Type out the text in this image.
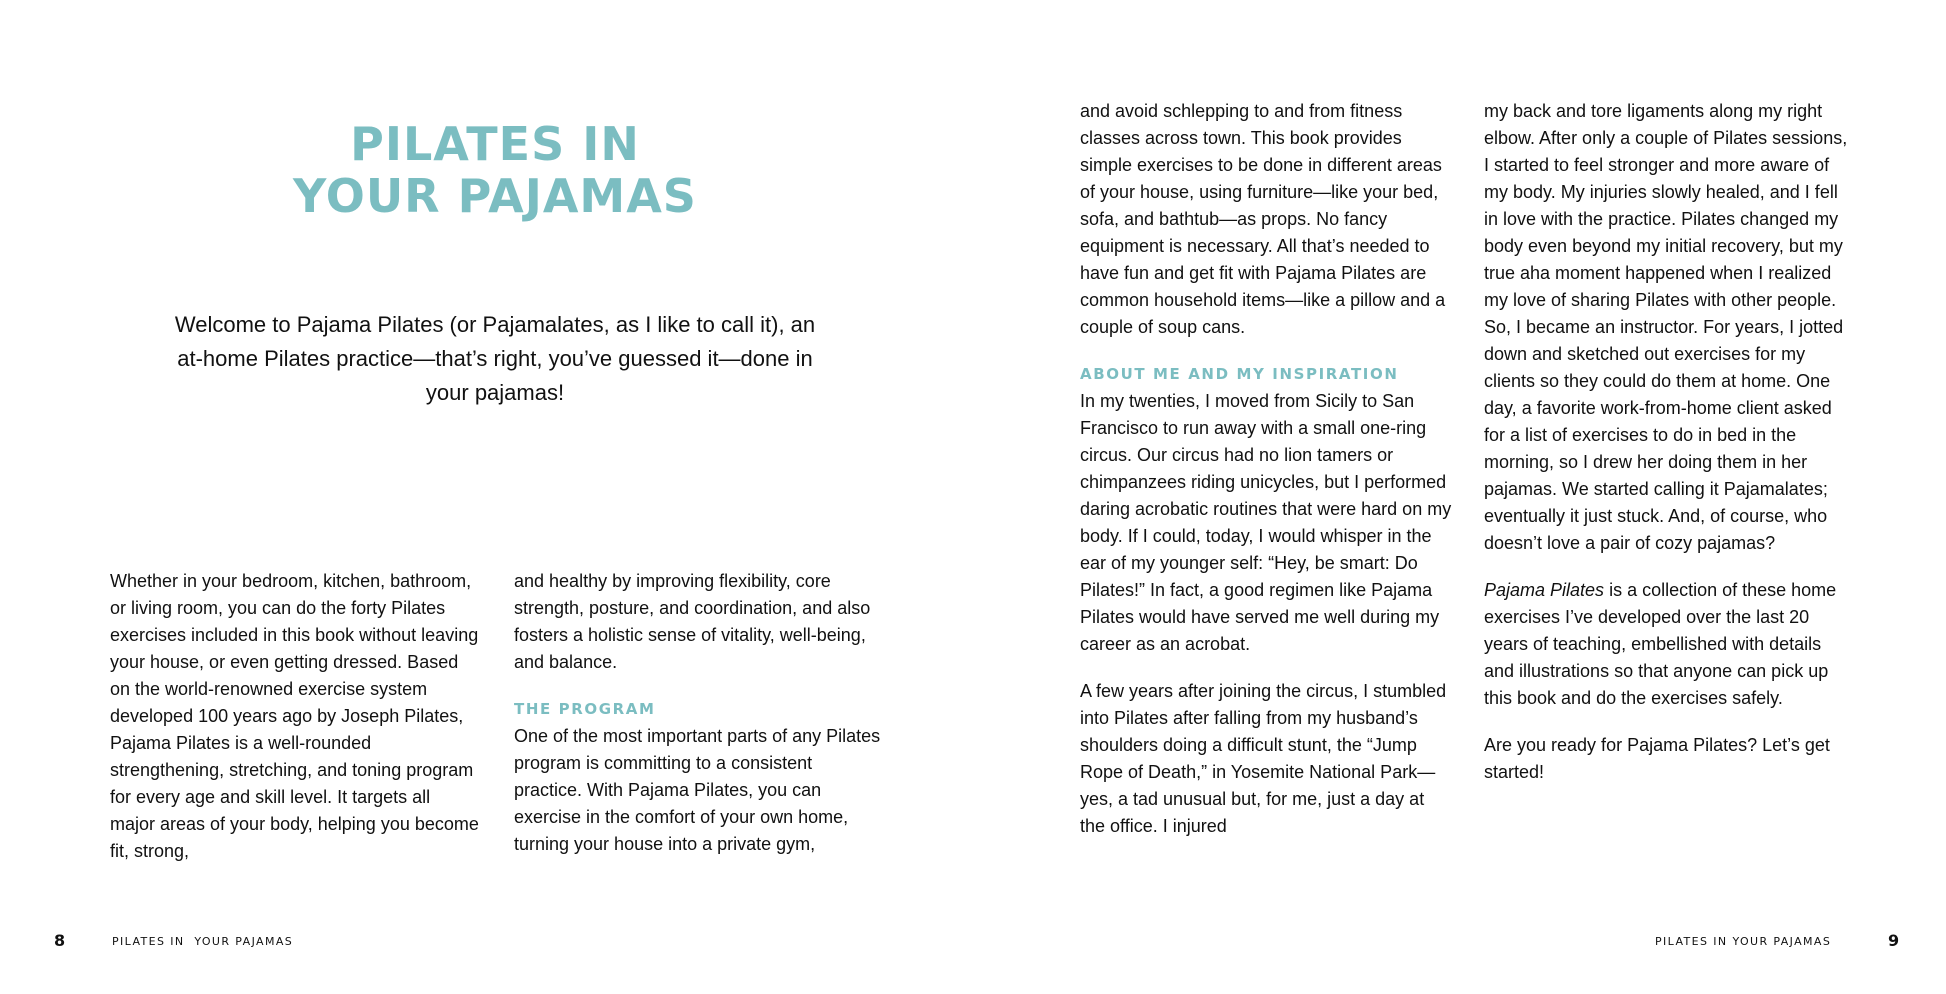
PILATES IN
YOUR PAJAMAS

Welcome to Pajama Pilates (or Pajamalates, as I like to call it), an at-home Pilates practice—that’s right, you’ve guessed it—done in your pajamas!

Whether in your bedroom, kitchen, bathroom, or living room, you can do the forty Pilates exercises included in this book without leaving your house, or even getting dressed. Based on the world-renowned exercise system developed 100 years ago by Joseph Pilates, Pajama Pilates is a well-rounded strengthening, stretching, and toning program for every age and skill level. It targets all major areas of your body, helping you become fit, strong,

and healthy by improving flexibility, core strength, posture, and coordination, and also fosters a holistic sense of vitality, well-being, and balance.

THE PROGRAM

One of the most important parts of any Pilates program is committing to a consistent practice. With Pajama Pilates, you can exercise in the comfort of your own home, turning your house into a private gym,

and avoid schlepping to and from fitness classes across town. This book provides simple exercises to be done in different areas of your house, using furniture—like your bed, sofa, and bathtub—as props. No fancy equipment is necessary. All that’s needed to have fun and get fit with Pajama Pilates are common household items—like a pillow and a couple of soup cans.

ABOUT ME AND MY INSPIRATION

In my twenties, I moved from Sicily to San Francisco to run away with a small one-ring circus. Our circus had no lion tamers or chimpanzees riding unicycles, but I performed daring acrobatic routines that were hard on my body. If I could, today, I would whisper in the ear of my younger self: “Hey, be smart: Do Pilates!” In fact, a good regimen like Pajama Pilates would have served me well during my career as an acrobat.

A few years after joining the circus, I stumbled into Pilates after falling from my husband’s shoulders doing a difficult stunt, the “Jump Rope of Death,” in Yosemite National Park—yes, a tad unusual but, for me, just a day at the office. I injured

my back and tore ligaments along my right elbow. After only a couple of Pilates sessions, I started to feel stronger and more aware of my body. My injuries slowly healed, and I fell in love with the practice. Pilates changed my body even beyond my initial recovery, but my true aha moment happened when I realized my love of sharing Pilates with other people. So, I became an instructor. For years, I jotted down and sketched out exercises for my clients so they could do them at home. One day, a favorite work-from-home client asked for a list of exercises to do in bed in the morning, so I drew her doing them in her pajamas. We started calling it Pajamalates; eventually it just stuck. And, of course, who doesn’t love a pair of cozy pajamas?

Pajama Pilates is a collection of these home exercises I’ve developed over the last 20 years of teaching, embellished with details and illustrations so that anyone can pick up this book and do the exercises safely.

Are you ready for Pajama Pilates? Let’s get started!

8	PILATES IN  YOUR PAJAMAS	PILATES IN YOUR PAJAMAS	9
